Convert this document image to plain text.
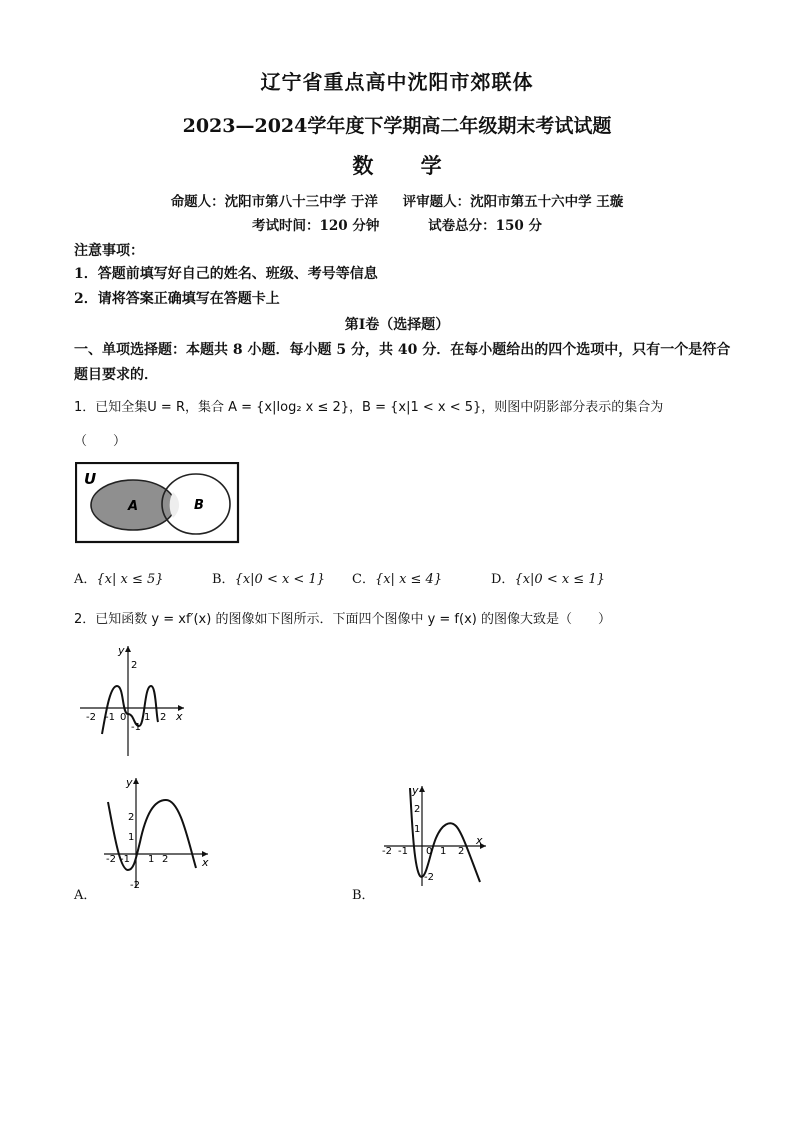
辽宁省重点高中沈阳市郊联体
2023—2024学年度下学期高二年级期末考试试题
数 学
命题人：沈阳市第八十三中学 于洋 评审题人：沈阳市第五十六中学 王璇
考试时间：120 分钟	试卷总分：150 分
注意事项：
1．答题前填写好自己的姓名、班级、考号等信息
2．请将答案正确填写在答题卡上
第Ⅰ卷（选择题）
一、单项选择题：本题共 8 小题．每小题 5 分，共 40 分．在每小题给出的四个选项中，只有一个是符合题目要求的．
1．已知全集U = R，集合 A = {x|log₂ x ≤ 2}，B = {x|1 < x < 5}，则图中阴影部分表示的集合为
（　　）
U
A	B
A．{x| x ≤ 5}	B．{x|0 < x < 1} C．{x| x ≤ 4}	D．{x|0 < x ≤ 1}
2．已知函数 y = xf′(x) 的图像如下图所示．下面四个图像中 y = f(x) 的图像大致是（　　）
y
x
2
-1
-2 -1 0 1 2
y
x
2
1
-2
-2 -1 1 2
A．
y
x
2
1
-2
-2 -1 0 1 2
B．
